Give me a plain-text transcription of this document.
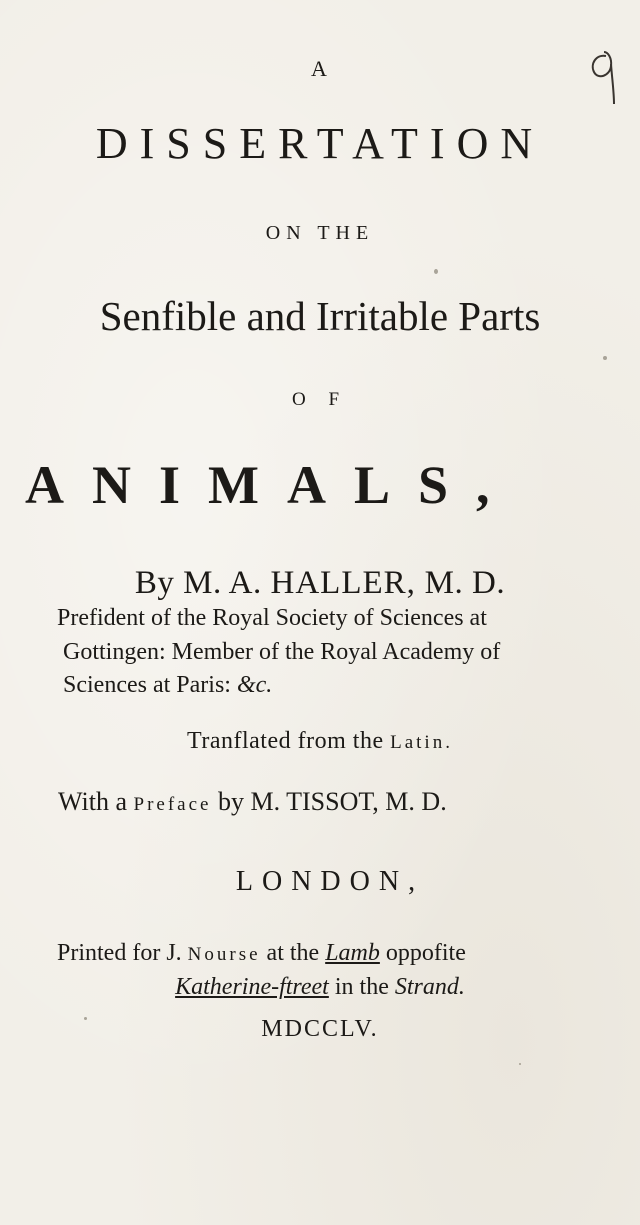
A
DISSERTATION
ON THE
Senfible and Irritable Parts
O F
ANIMALS,
By M. A. HALLER, M. D.
Prefident of the Royal Society of Sciences at
Gottingen: Member of the Royal Academy of
Sciences at Paris: &c.
Tranflated from the Latin.
With a Preface by M. TISSOT, M. D.
LONDON,
Printed for J. Nourse at the Lamb oppofite
Katherine-ftreet in the Strand.
MDCCLV.
